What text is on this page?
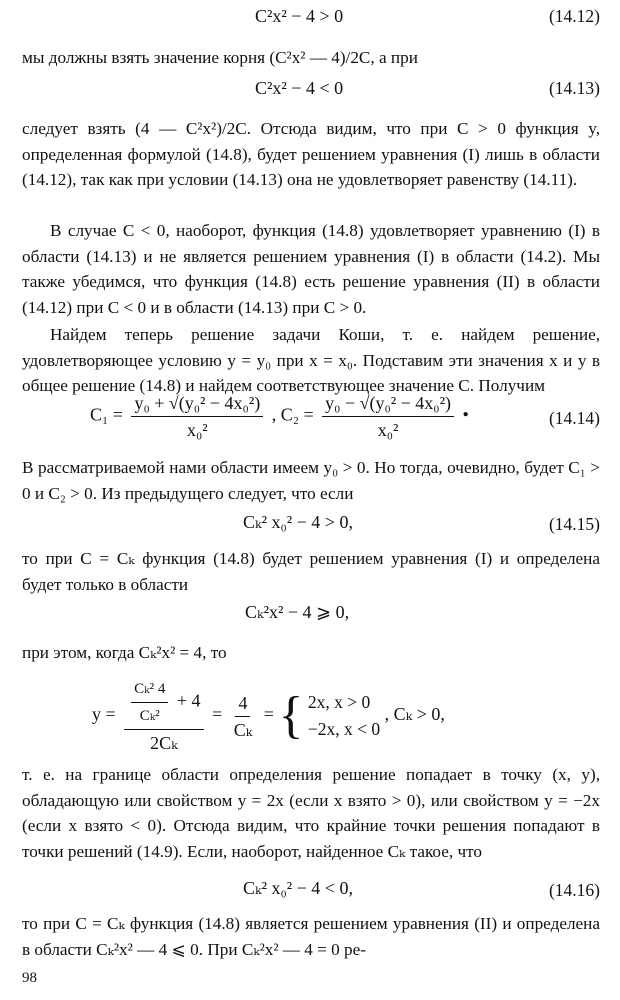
C²x² − 4 > 0	(14.12)

мы должны взять значение корня (C²x² — 4)/2C, а при

C²x² − 4 < 0	(14.13)

следует взять (4 — C²x²)/2C. Отсюда видим, что при C > 0 функция y, определенная формулой (14.8), будет решением уравнения (I) лишь в области (14.12), так как при условии (14.13) она не удовлетворяет равенству (14.11).

В случае C < 0, наоборот, функция (14.8) удовлетворяет уравнению (I) в области (14.13) и не является решением уравнения (I) в области (14.2). Мы также убедимся, что функция (14.8) есть решение уравнения (II) в области (14.12) при C < 0 и в области (14.13) при C > 0.

Найдем теперь решение задачи Коши, т. е. найдем решение, удовлетворяющее условию y = y₀ при x = x₀. Подставим эти значения x и y в общее решение (14.8) и найдем соответствующее значение C. Получим

$C_1 = \frac{\text{y₀ + √(y₀² − 4x₀²)}}{\text{x₀²}}$ , $C_2 = \frac{\text{y₀ − √(y₀² − 4x₀²)}}{\text{x₀²}}$ •	(14.14)

В рассматриваемой нами области имеем y₀ > 0. Но тогда, очевидно, будет C₁ > 0 и C₂ > 0. Из предыдущего следует, что если

Cₖ² x₀² − 4 > 0,	(14.15)

то при C = Cₖ функция (14.8) будет решением уравнения (I) и определена будет только в области

Cₖ²x² − 4 ⩾ 0,

при этом, когда Cₖ²x² = 4, то

$y = \frac{\frac{\text{Cₖ² 4}}{\text{Cₖ²}} + 4}{\text{2Cₖ}} = \frac{4}{\text{Cₖ}}$ = { 2x, x > 0
−2x, x < 0
, Cₖ > 0,

т. е. на границе области определения решение попадает в точку (x, y), обладающую или свойством y = 2x (если x взято > 0), или свойством y = −2x (если x взято < 0). Отсюда видим, что крайние точки решения попадают в точки решений (14.9). Если, наоборот, найденное Cₖ такое, что

Cₖ² x₀² − 4 < 0,	(14.16)

то при C = Cₖ функция (14.8) является решением уравнения (II) и определена в области Cₖ²x² — 4 ⩽ 0. При Cₖ²x² — 4 = 0 ре-

98
